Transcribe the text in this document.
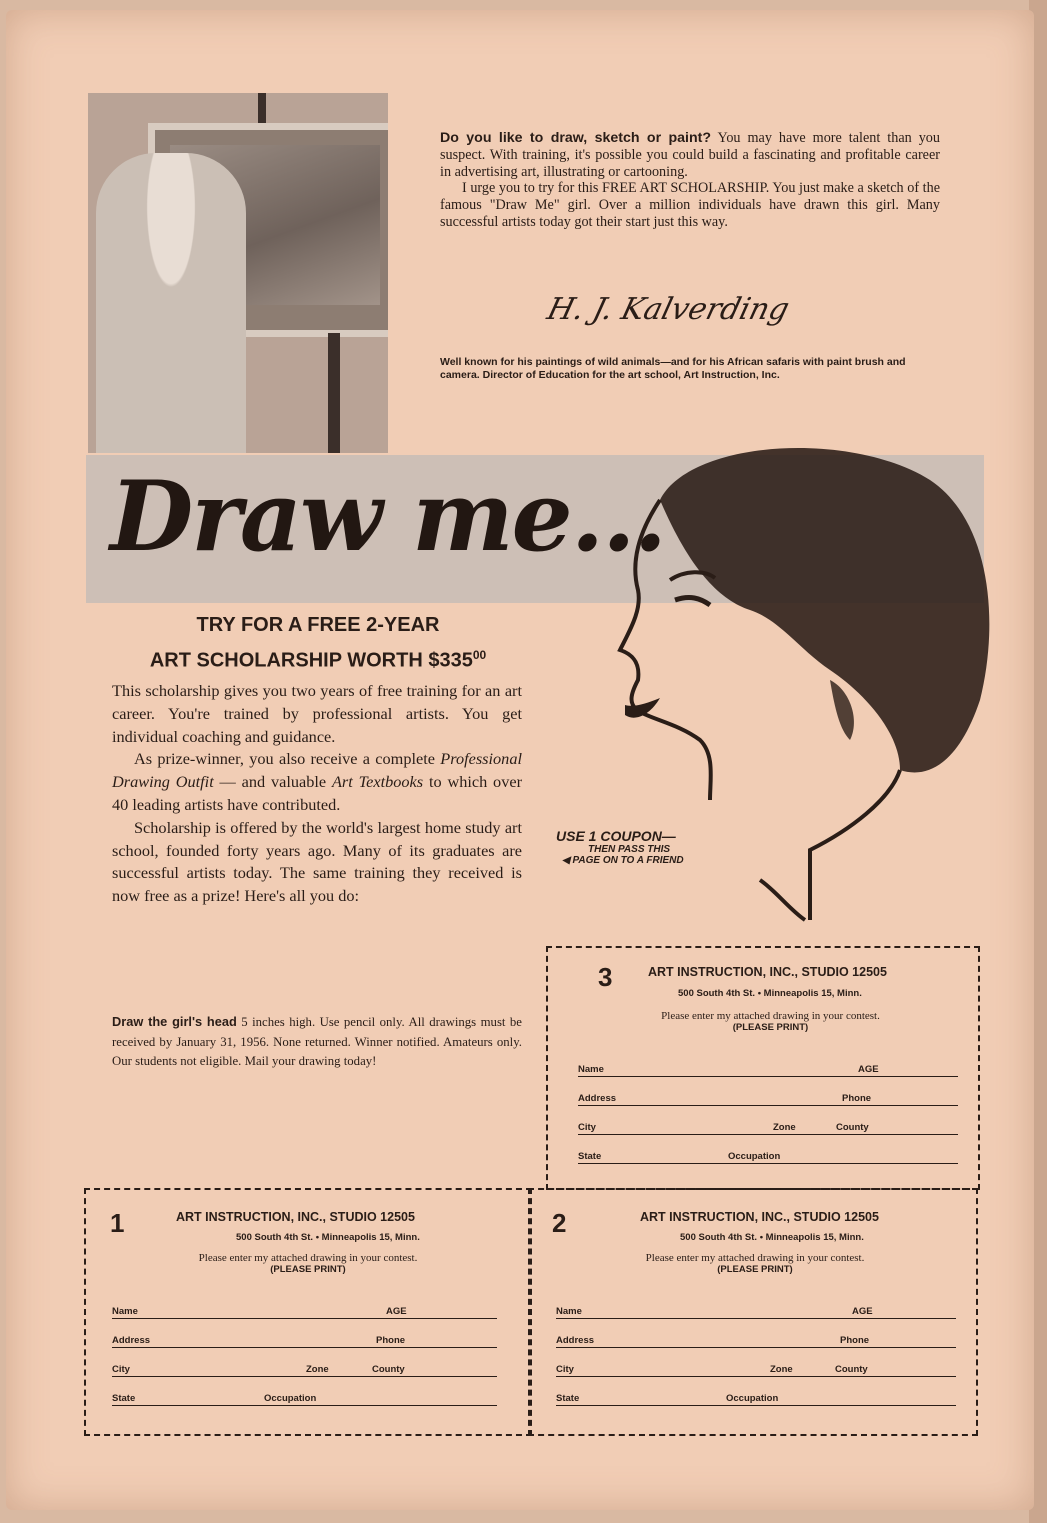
Do you like to draw, sketch or paint? You may have more talent than you suspect. With training, it's possible you could build a fascinating and profitable career in advertising art, illustrating or cartooning.

I urge you to try for this FREE ART SCHOLARSHIP. You just make a sketch of the famous "Draw Me" girl. Over a million individuals have drawn this girl. Many successful artists today got their start just this way.

H. J. Kalverding
Well known for his paintings of wild animals—and for his African safaris with paint brush and camera. Director of Education for the art school, Art Instruction, Inc.
Draw me...
TRY FOR A FREE 2-YEAR
ART SCHOLARSHIP WORTH $\$335^{00}$

This scholarship gives you two years of free training for an art career. You're trained by professional artists. You get individual coaching and guidance.

As prize-winner, you also receive a complete Professional Drawing Outfit — and valuable Art Textbooks to which over 40 leading artists have contributed.

Scholarship is offered by the world's largest home study art school, founded forty years ago. Many of its graduates are successful artists today. The same training they received is now free as a prize! Here's all you do:

Draw the girl's head 5 inches high. Use pencil only. All drawings must be received by January 31, 1956. None returned. Winner notified. Amateurs only. Our students not eligible. Mail your drawing today!
USE 1 COUPON—
THEN PASS THIS
◀ PAGE ON TO A FRIEND
3	ART INSTRUCTION, INC., STUDIO 12505
500 South 4th St. • Minneapolis 15, Minn.
Please enter my attached drawing in your contest.
(PLEASE PRINT)
Name	AGE
Address	Phone
City	Zone	County
State	Occupation
1	ART INSTRUCTION, INC., STUDIO 12505
500 South 4th St. • Minneapolis 15, Minn.
Please enter my attached drawing in your contest.
(PLEASE PRINT)
Name	AGE
Address	Phone
City	Zone	County
State	Occupation
2	ART INSTRUCTION, INC., STUDIO 12505
500 South 4th St. • Minneapolis 15, Minn.
Please enter my attached drawing in your contest.
(PLEASE PRINT)
Name	AGE
Address	Phone
City	Zone	County
State	Occupation
